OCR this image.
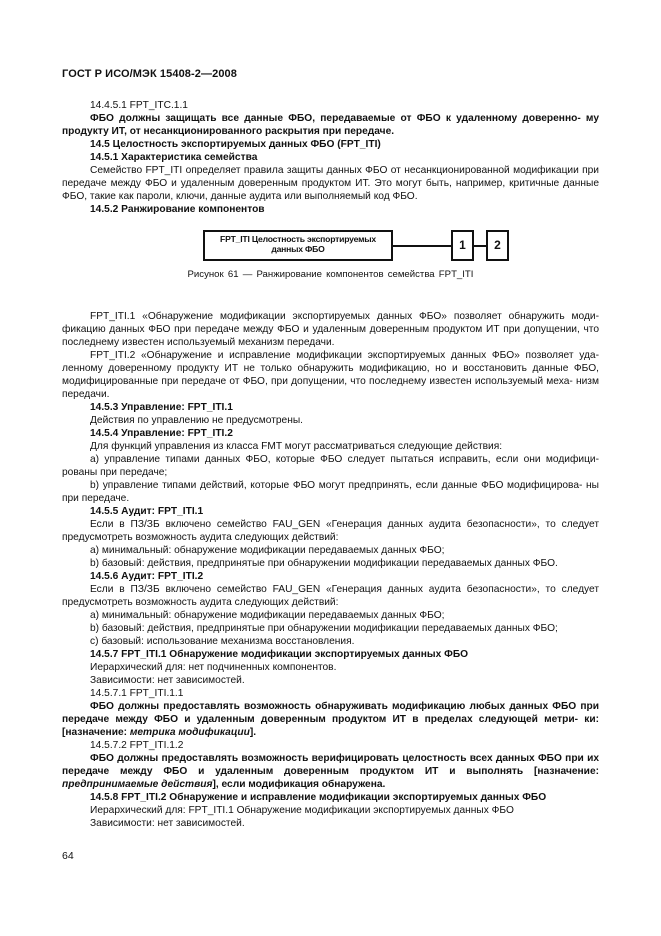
ГОСТ Р ИСО/МЭК 15408-2—2008

14.4.5.1 FPT_ITC.1.1

ФБО должны защищать все данные ФБО, передаваемые от ФБО к удаленному доверенно- му продукту ИТ, от несанкционированного раскрытия при передаче.

14.5 Целостность экспортируемых данных ФБО (FPT_ITI)

14.5.1 Характеристика семейства

Семейство FPT_ITI определяет правила защиты данных ФБО от несанкционированной модификации при передаче между ФБО и удаленным доверенным продуктом ИТ. Это могут быть, например, критичные данные ФБО, такие как пароли, ключи, данные аудита или выполняемый код ФБО.

14.5.2 Ранжирование компонентов

FPT_ITI Целостность экспортируемых данных ФБО	1	2
Рисунок 61 — Ранжирование компонентов семейства FPT_ITI

FPT_ITI.1 «Обнаружение модификации экспортируемых данных ФБО» позволяет обнаружить моди- фикацию данных ФБО при передаче между ФБО и удаленным доверенным продуктом ИТ при допущении, что последнему известен используемый механизм передачи.

FPT_ITI.2 «Обнаружение и исправление модификации экспортируемых данных ФБО» позволяет уда- ленному доверенному продукту ИТ не только обнаружить модификацию, но и восстановить данные ФБО, модифицированные при передаче от ФБО, при допущении, что последнему известен используемый меха- низм передачи.

14.5.3 Управление: FPT_ITI.1

Действия по управлению не предусмотрены.

14.5.4 Управление: FPT_ITI.2

Для функций управления из класса FMT могут рассматриваться следующие действия:

а) управление типами данных ФБО, которые ФБО следует пытаться исправить, если они модифици- рованы при передаче;

b) управление типами действий, которые ФБО могут предпринять, если данные ФБО модифицирова- ны при передаче.

14.5.5 Аудит: FPT_ITI.1

Если в ПЗ/ЗБ включено семейство FAU_GEN «Генерация данных аудита безопасности», то следует предусмотреть возможность аудита следующих действий:

а) минимальный: обнаружение модификации передаваемых данных ФБО;

b) базовый: действия, предпринятые при обнаружении модификации передаваемых данных ФБО.

14.5.6 Аудит: FPT_ITI.2

Если в ПЗ/ЗБ включено семейство FAU_GEN «Генерация данных аудита безопасности», то следует предусмотреть возможность аудита следующих действий:

а) минимальный: обнаружение модификации передаваемых данных ФБО;

b) базовый: действия, предпринятые при обнаружении модификации передаваемых данных ФБО;

с) базовый: использование механизма восстановления.

14.5.7 FPT_ITI.1 Обнаружение модификации экспортируемых данных ФБО

Иерархический для: нет подчиненных компонентов.

Зависимости: нет зависимостей.

14.5.7.1 FPT_ITI.1.1

ФБО должны предоставлять возможность обнаруживать модификацию любых данных ФБО при передаче между ФБО и удаленным доверенным продуктом ИТ в пределах следующей метри- ки: [назначение: метрика модификации].

14.5.7.2 FPT_ITI.1.2

ФБО должны предоставлять возможность верифицировать целостность всех данных ФБО при их передаче между ФБО и удаленным доверенным продуктом ИТ и выполнять [назначение: предпринимаемые действия], если модификация обнаружена.

14.5.8 FPT_ITI.2 Обнаружение и исправление модификации экспортируемых данных ФБО

Иерархический для: FPT_ITI.1 Обнаружение модификации экспортируемых данных ФБО

Зависимости: нет зависимостей.

64
